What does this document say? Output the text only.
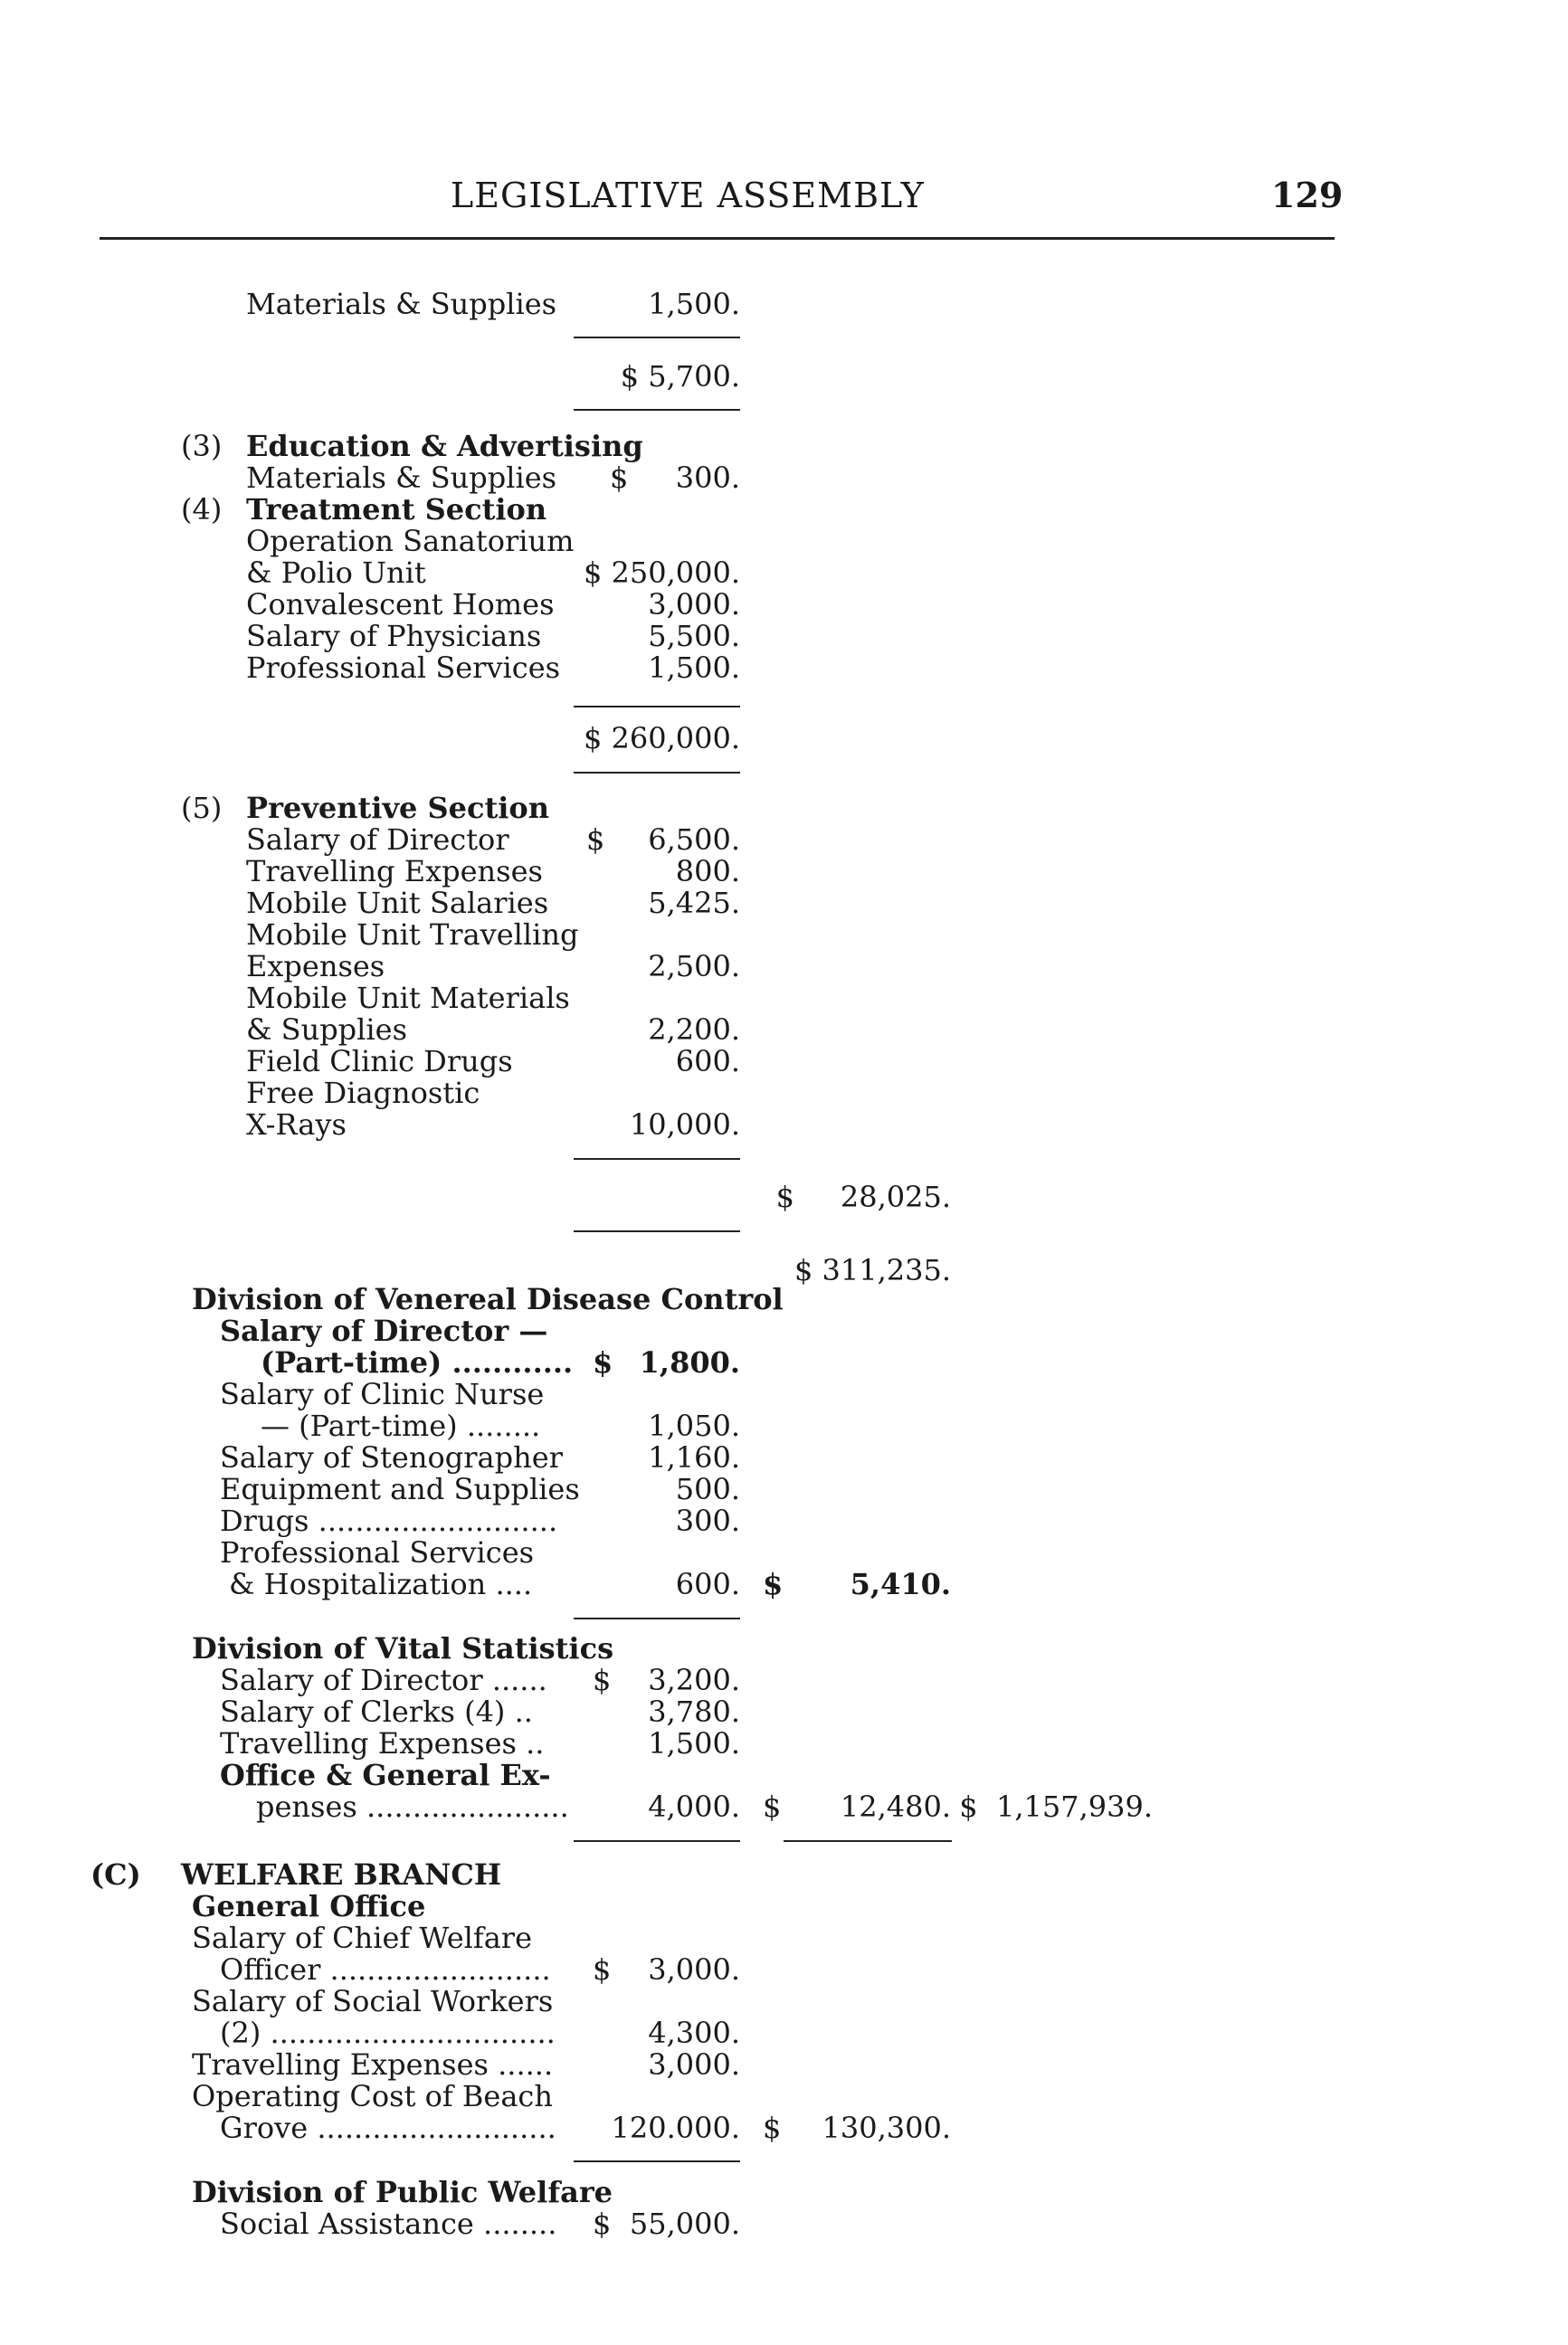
LEGISLATIVE ASSEMBLY	129
Materials & Supplies	1,500.
$ 5,700.
(3) Education & Advertising
Materials & Supplies $ 300.
(4) Treatment Section
Operation Sanatorium
& Polio Unit	$ 250,000.
Convalescent Homes	3,000.
Salary of Physicians	5,500.
Professional Services	1,500.
$ 260,000.
(5) Preventive Section
Salary of Director	$ 6,500.
Travelling Expenses	800.
Mobile Unit Salaries	5,425.
Mobile Unit Travelling
Expenses	2,500.
Mobile Unit Materials
& Supplies	2,200.
Field Clinic Drugs	600.
Free Diagnostic
X-Rays	10,000.
$     28,025.
$ 311,235.
Division of Venereal Disease Control
Salary of Director —
(Part-time) ............ $ 1,800.
Salary of Clinic Nurse
— (Part-time) ........	1,050.
Salary of Stenographer	1,160.
Equipment and Supplies	500.
Drugs ..........................	300.
Professional Services
& Hospitalization ....	600. $ 5,410.
Division of Vital Statistics
Salary of Director ...... $ 3,200.
Salary of Clerks (4) ..	3,780.
Travelling Expenses ..	1,500.
Office & General Ex-
penses ......................	4,000. $ 12,480. $  1,157,939.
(C) WELFARE BRANCH
General Office
Salary of Chief Welfare
Officer ........................ $ 3,000.
Salary of Social Workers
(2) ...............................	4,300.
Travelling Expenses ......	3,000.
Operating Cost of Beach
Grove .......................... 120.000. $ 130,300.
Division of Public Welfare
Social Assistance ........ $ 55,000.
